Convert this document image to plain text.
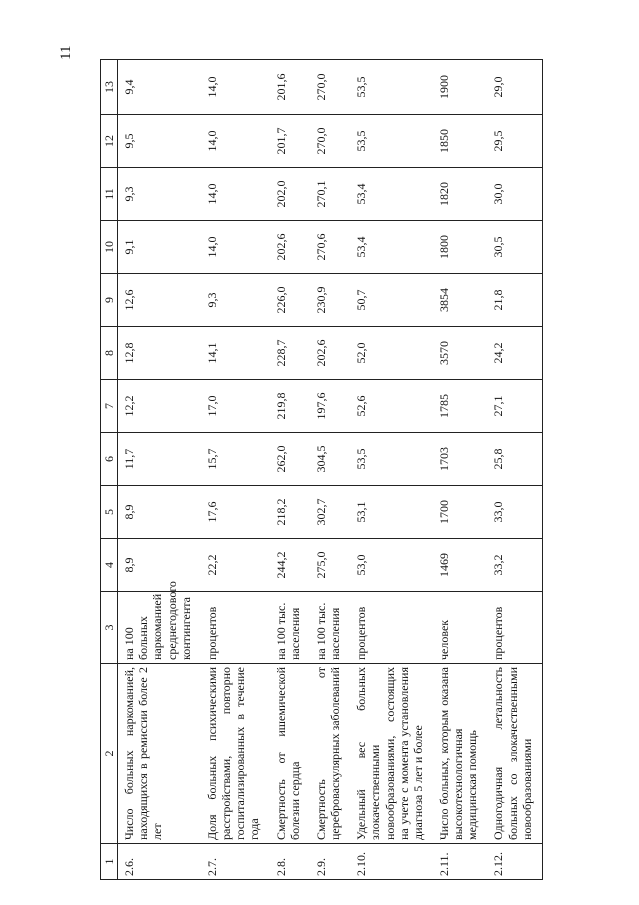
11
1	2	3	4	5	6	7	8	9	10	11	12	13
2.6.	Число больных наркоманией, находящихся в ремиссии более 2 лет	на 100 больных наркоманией среднегодового контингента	8,9	8,9	11,7	12,2	12,8	12,6	9,1	9,3	9,5	9,4
2.7.	Доля больных психическими расстройствами, повторно госпитализированных в течение года	процентов	22,2	17,6	15,7	17,0	14,1	9,3	14,0	14,0	14,0	14,0
2.8.	Смертность от ишемической болезни сердца	на 100 тыс. населения	244,2	218,2	262,0	219,8	228,7	226,0	202,6	202,0	201,7	201,6
2.9.	Смертность от цереброваскулярных заболеваний	на 100 тыс. населения	275,0	302,7	304,5	197,6	202,6	230,9	270,6	270,1	270,0	270,0
2.10.	Удельный вес больных злокачественными новообразованиями, состоящих на учете с момента установления диагноза 5 лет и более	процентов	53,0	53,1	53,5	52,6	52,0	50,7	53,4	53,4	53,5	53,5
2.11.	Число больных, которым оказана высокотехнологичная медицинская помощь	человек	1469	1700	1703	1785	3570	3854	1800	1820	1850	1900
2.12.	Одногодичная летальность больных со злокачественными новообразованиями	процентов	33,2	33,0	25,8	27,1	24,2	21,8	30,5	30,0	29,5	29,0
